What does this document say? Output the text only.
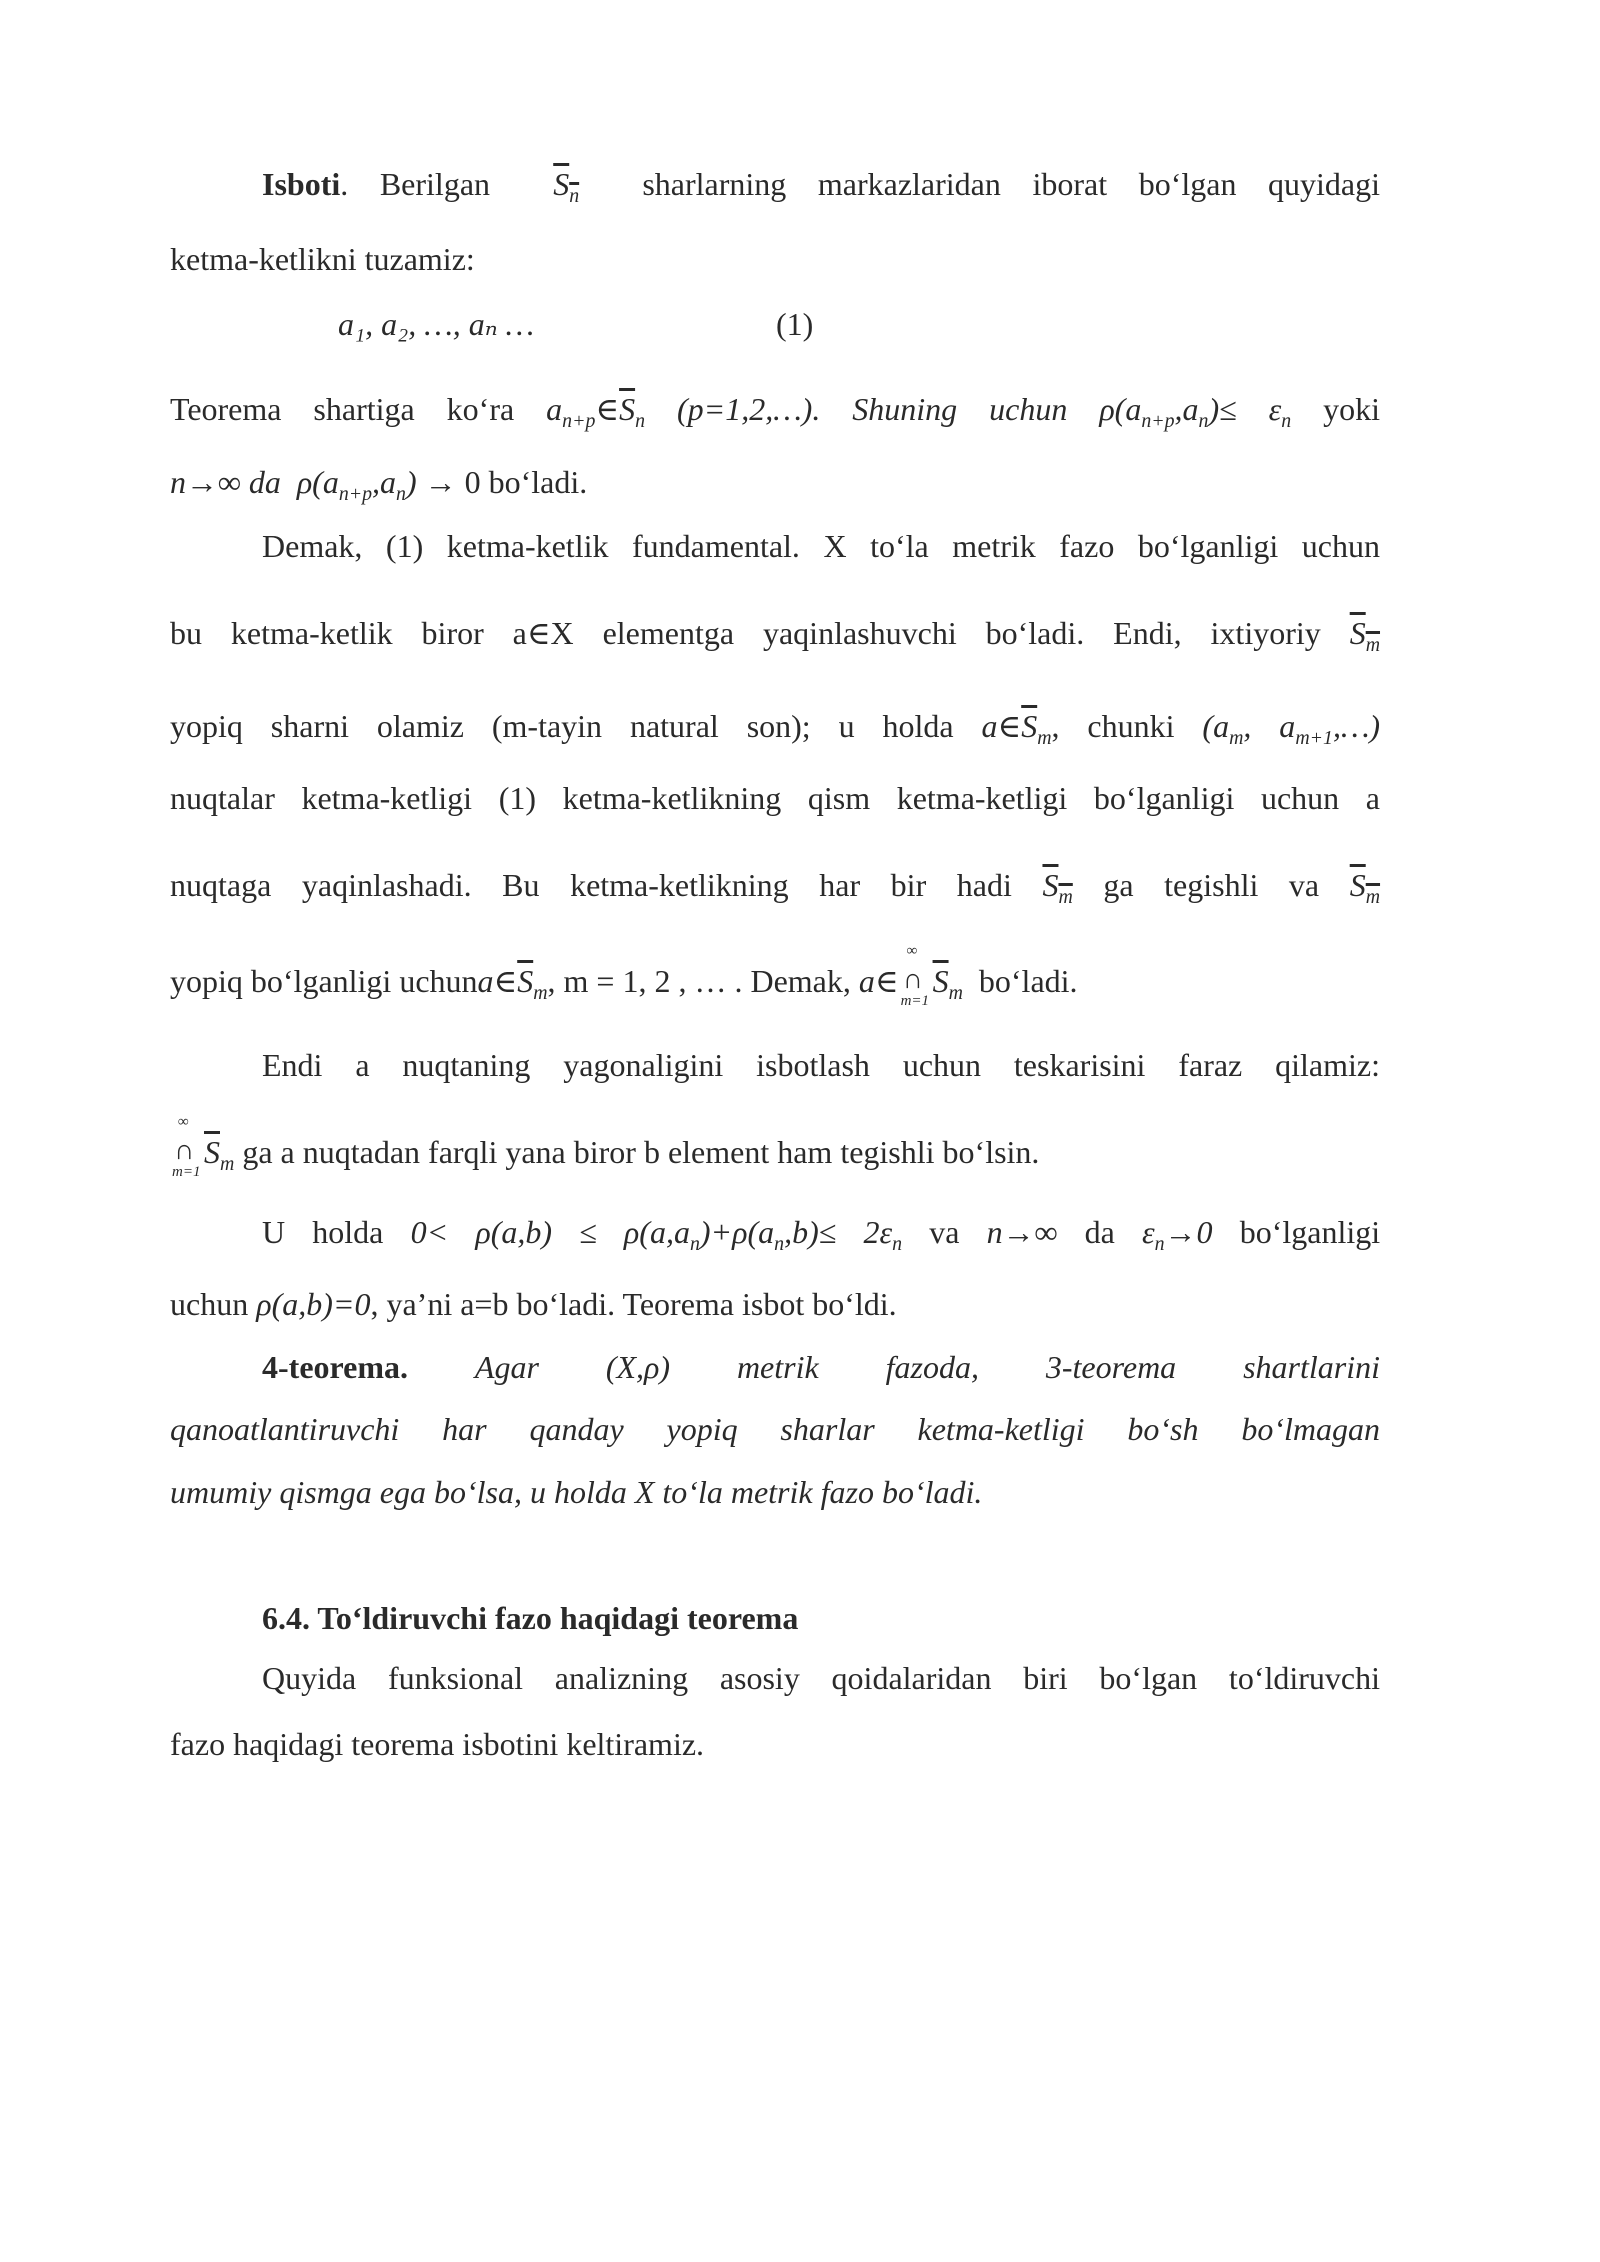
Isboti. Berilgan $S_n$ sharlarning markazlaridan iborat bo‘lgan quyidagi
ketma-ketlikni tuzamiz:
a₁, a₂, …, aₙ …	(1)
Teorema shartiga ko‘ra $a_{n+p}\in\overline{S}_n$ (p=1,2,…). Shuning uchun $\rho(a_{n+p},a_n)\le \varepsilon_n$ yoki
n→∞ da $\rho(a_{n+p},a_n) \to 0$ bo‘ladi.
Demak, (1) ketma-ketlik fundamental. X to‘la metrik fazo bo‘lganligi uchun
bu ketma-ketlik biror a∈X elementga yaqinlashuvchi bo‘ladi. Endi, ixtiyoriy $S_m$
yopiq sharni olamiz (m-tayin natural son); u holda $a\in\overline{S}_m$, chunki ($a_m$, $a_{m+1},\dots$)
nuqtalar ketma-ketligi (1) ketma-ketlikning qism ketma-ketligi bo‘lganligi uchun a
nuqtaga yaqinlashadi. Bu ketma-ketlikning har bir hadi $S_m$ ga tegishli va $S_m$
yopiq bo‘lganligi $uchuna\in\overline{S}_m$, m = 1, 2 , … . Demak, a∈
∞
∩
m=1
$\overline{S}_m$ bo‘ladi.
Endi a nuqtaning yagonaligini isbotlash uchun teskarisini faraz qilamiz:
∞
∩
m=1
$\overline{S}_m$ ga a nuqtadan farqli yana biror b element ham tegishli bo‘lsin.
U holda $0< \rho(a,b) \le \rho(a,a_n)+\rho(a_n,b)\le 2\varepsilon_n$ va n→∞ da $\varepsilon_n\to 0$ bo‘lganligi
uchun ρ(a,b)=0, ya’ni a=b bo‘ladi. Teorema isbot bo‘ldi.
4-teorema. Agar (X,ρ) metrik fazoda, 3-teorema shartlarini
qanoatlantiruvchi har qanday yopiq sharlar ketma-ketligi bo‘sh bo‘lmagan
umumiy qismga ega bo‘lsa, u holda X to‘la metrik fazo bo‘ladi.
6.4. To‘ldiruvchi fazo haqidagi teorema
Quyida funksional analizning asosiy qoidalaridan biri bo‘lgan to‘ldiruvchi
fazo haqidagi teorema isbotini keltiramiz.
